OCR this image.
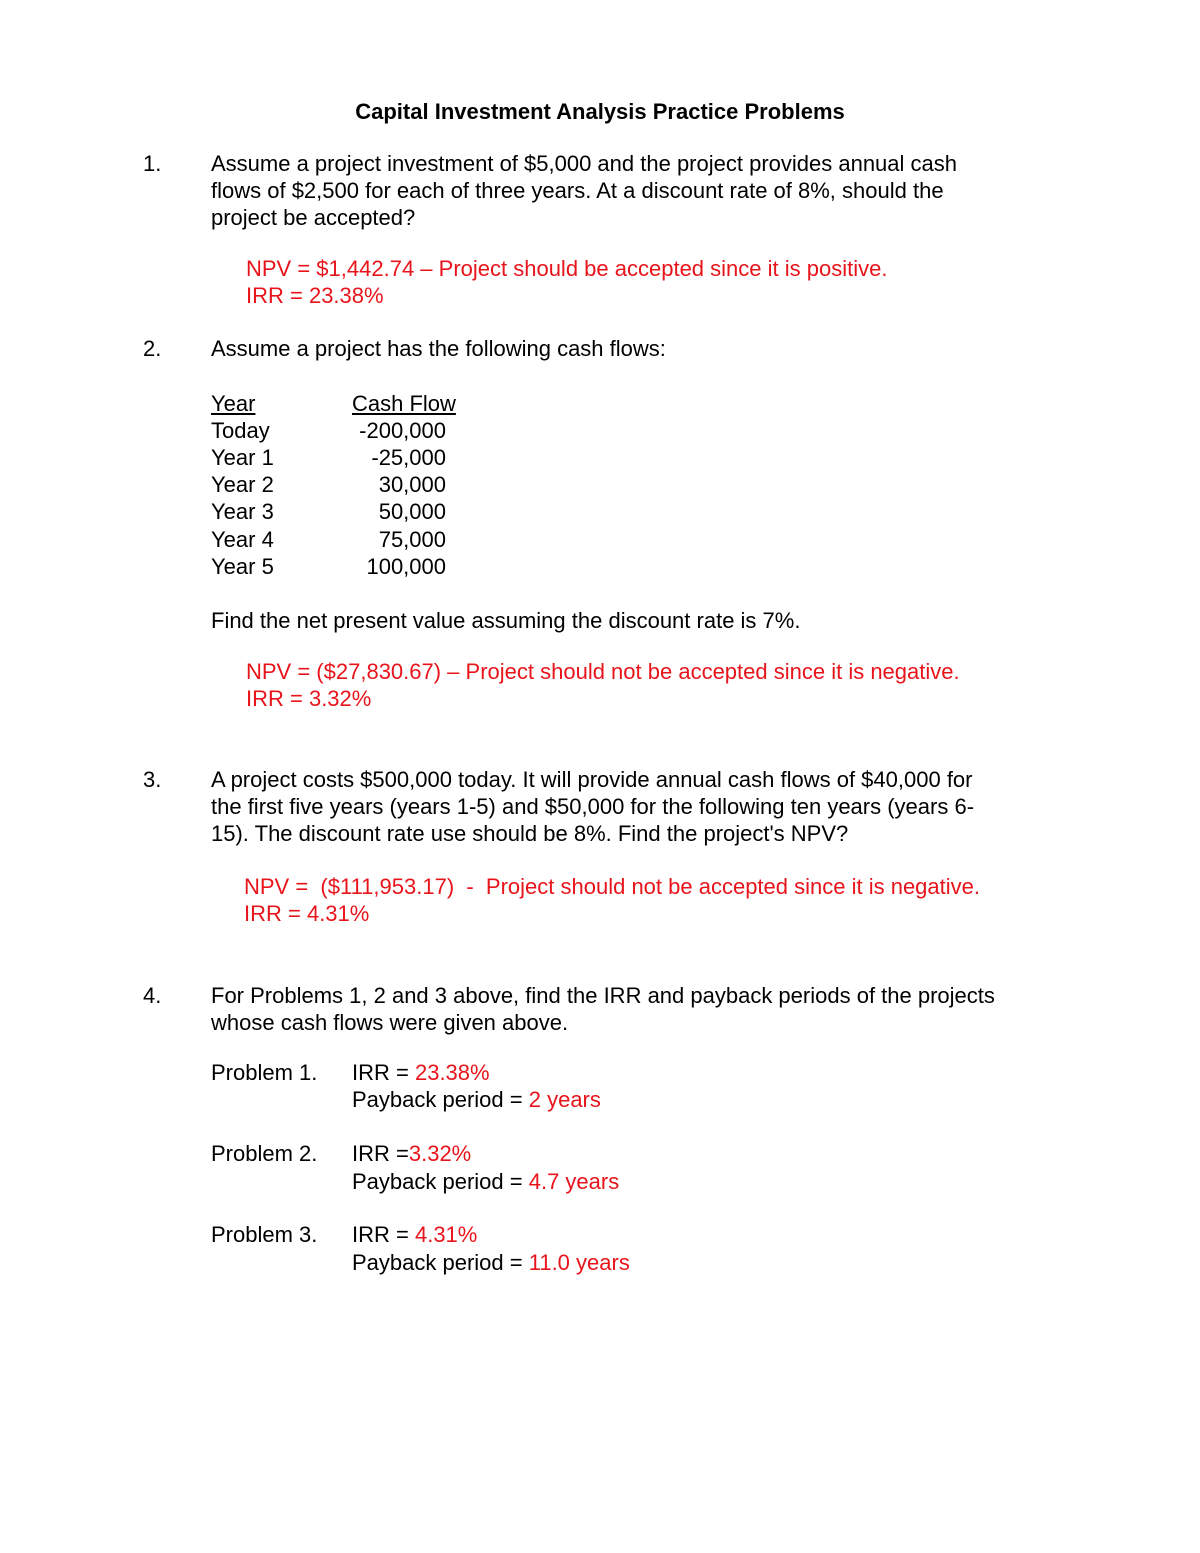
Capital Investment Analysis Practice Problems
1. Assume a project investment of $5,000 and the project provides annual cash
flows of $2,500 for each of three years. At a discount rate of 8%, should the
project be accepted?
NPV = $1,442.74 – Project should be accepted since it is positive.
IRR = 23.38%
2. Assume a project has the following cash flows:
Year	Cash Flow
Today	-200,000
Year 1	-25,000
Year 2	30,000
Year 3	50,000
Year 4	75,000
Year 5	100,000
Find the net present value assuming the discount rate is 7%.
NPV = ($27,830.67) – Project should not be accepted since it is negative.
IRR = 3.32%
3. A project costs $500,000 today. It will provide annual cash flows of $40,000 for
the first five years (years 1-5) and $50,000 for the following ten years (years 6-
15). The discount rate use should be 8%. Find the project's NPV?
NPV =  ($111,953.17)  -  Project should not be accepted since it is negative.
IRR = 4.31%
4. For Problems 1, 2 and 3 above, find the IRR and payback periods of the projects
whose cash flows were given above.
Problem 1. IRR = 23.38%
Payback period = 2 years
Problem 2. IRR =3.32%
Payback period = 4.7 years
Problem 3. IRR = 4.31%
Payback period = 11.0 years
